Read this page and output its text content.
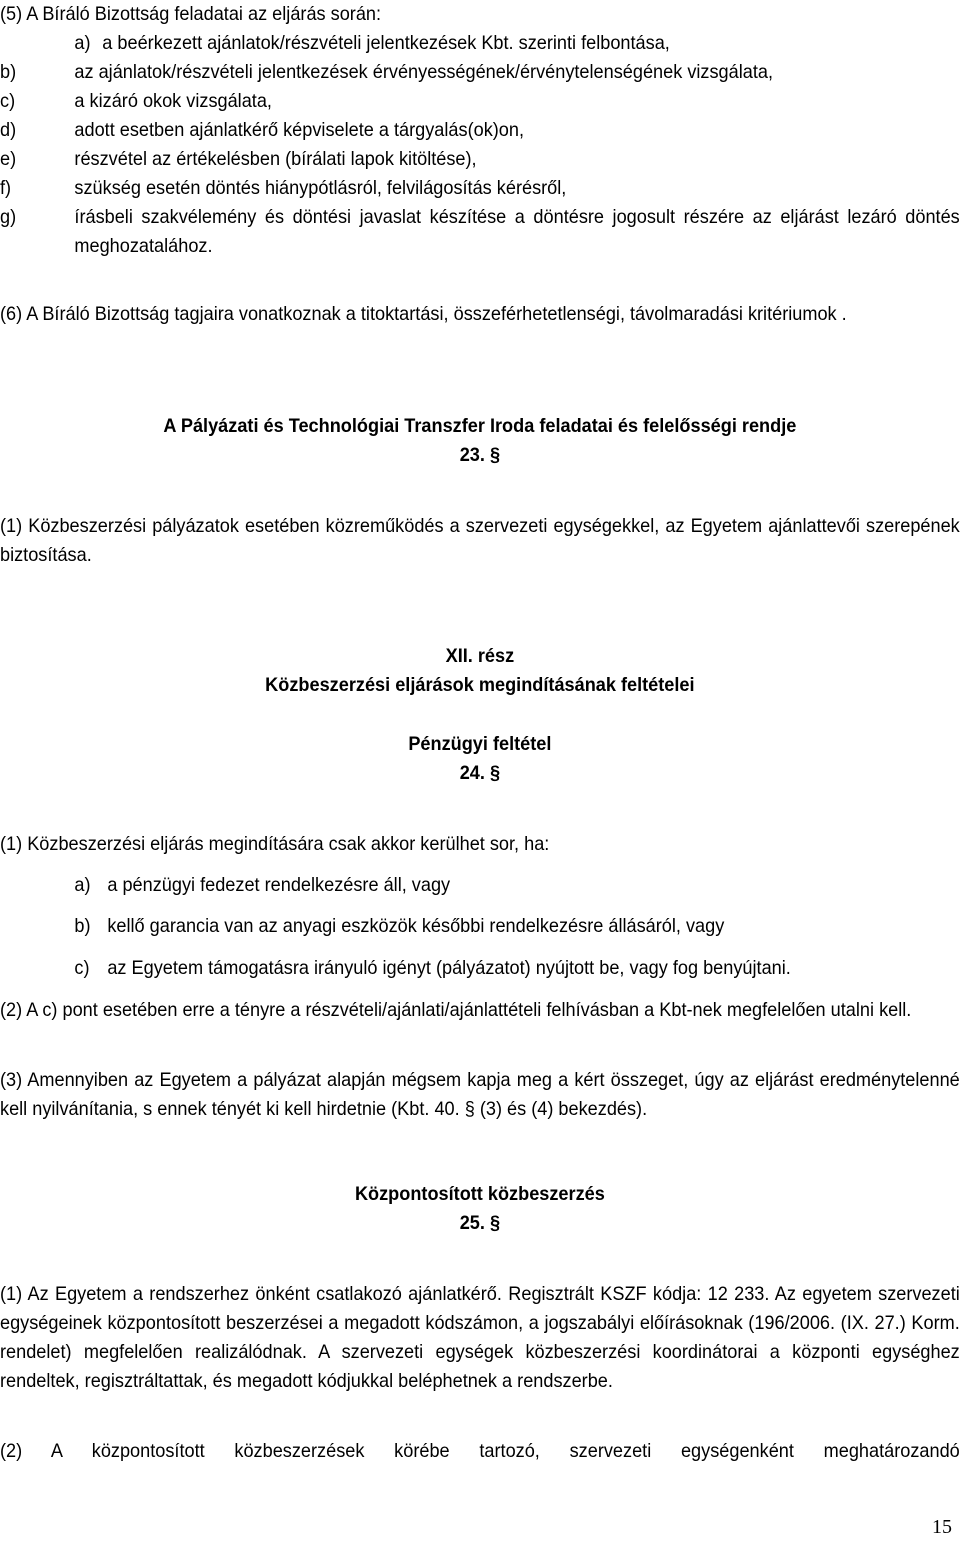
(5) A Bíráló Bizottság feladatai az eljárás során:
a) a beérkezett ajánlatok/részvételi jelentkezések Kbt. szerinti felbontása,
b)	az ajánlatok/részvételi jelentkezések érvényességének/érvénytelenségének vizsgálata,
c)	a kizáró okok vizsgálata,
d)	adott esetben ajánlatkérő képviselete a tárgyalás(ok)on,
e)	részvétel az értékelésben (bírálati lapok kitöltése),
f)	szükség esetén döntés hiánypótlásról, felvilágosítás kérésről,
g)	írásbeli szakvélemény és döntési javaslat készítése a döntésre jogosult részére az eljárást lezáró döntés meghozatalához.
(6) A Bíráló Bizottság tagjaira vonatkoznak a titoktartási, összeférhetetlenségi, távolmaradási kritériumok .
A Pályázati és Technológiai Transzfer Iroda feladatai és felelősségi rendje
23. §
(1) Közbeszerzési pályázatok esetében közreműködés a szervezeti egységekkel, az Egyetem ajánlattevői szerepének biztosítása.
XII. rész
Közbeszerzési eljárások megindításának feltételei
Pénzügyi feltétel
24. §
(1) Közbeszerzési eljárás megindítására csak akkor kerülhet sor, ha:
a) a pénzügyi fedezet rendelkezésre áll, vagy
b) kellő garancia van az anyagi eszközök későbbi rendelkezésre állásáról, vagy
c) az Egyetem támogatásra irányuló igényt (pályázatot) nyújtott be, vagy fog benyújtani.
(2) A c) pont esetében erre a tényre a részvételi/ajánlati/ajánlattételi felhívásban a Kbt-nek megfelelően utalni kell.
(3) Amennyiben az Egyetem a pályázat alapján mégsem kapja meg a kért összeget, úgy az eljárást eredménytelenné kell nyilvánítania, s ennek tényét ki kell hirdetnie (Kbt. 40. § (3) és (4) bekezdés).
Központosított közbeszerzés
25. §
(1) Az Egyetem a rendszerhez önként csatlakozó ajánlatkérő. Regisztrált KSZF kódja: 12 233. Az egyetem szervezeti egységeinek központosított beszerzései a megadott kódszámon, a jogszabályi előírásoknak (196/2006. (IX. 27.) Korm. rendelet) megfelelően realizálódnak. A szervezeti egységek közbeszerzési koordinátorai a központi egységhez rendeltek, regisztráltattak, és megadott kódjukkal beléphetnek a rendszerbe.
(2) A központosított közbeszerzések körébe tartozó, szervezeti egységenként meghatározandó
15
